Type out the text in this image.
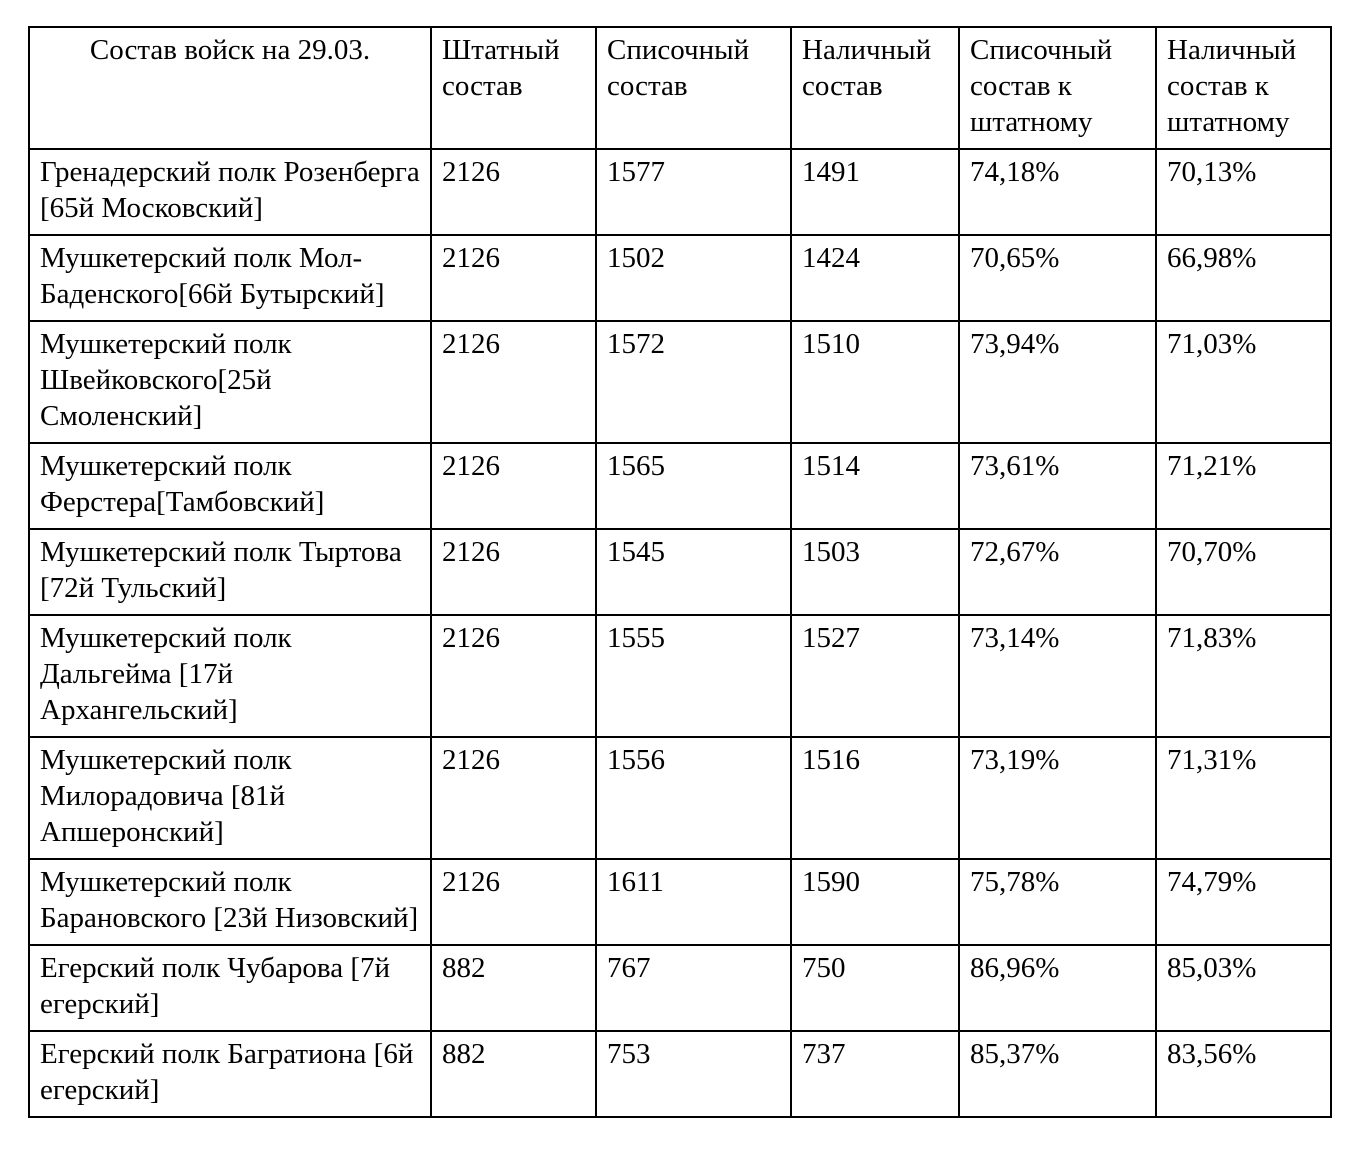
Состав войск на 29.03.	Штатный состав	Списочный состав	Наличный состав	Списочный состав к штатному	Наличный состав к штатному
Гренадерский полк Розенберга [65й Московский]	2126	1577	1491	74,18%	70,13%
Мушкетерский полк Мол-Баденского[66й Бутырский]	2126	1502	1424	70,65%	66,98%
Мушкетерский полк Швейковского[25й Смоленский]	2126	1572	1510	73,94%	71,03%
Мушкетерский полк Ферстера[Тамбовский]	2126	1565	1514	73,61%	71,21%
Мушкетерский полк Тыртова [72й Тульский]	2126	1545	1503	72,67%	70,70%
Мушкетерский полк Дальгейма [17й Архангельский]	2126	1555	1527	73,14%	71,83%
Мушкетерский полк Милорадовича [81й Апшеронский]	2126	1556	1516	73,19%	71,31%
Мушкетерский полк Барановского [23й Низовский]	2126	1611	1590	75,78%	74,79%
Егерский полк Чубарова [7й егерский]	882	767	750	86,96%	85,03%
Егерский полк Багратиона [6й егерский]	882	753	737	85,37%	83,56%
